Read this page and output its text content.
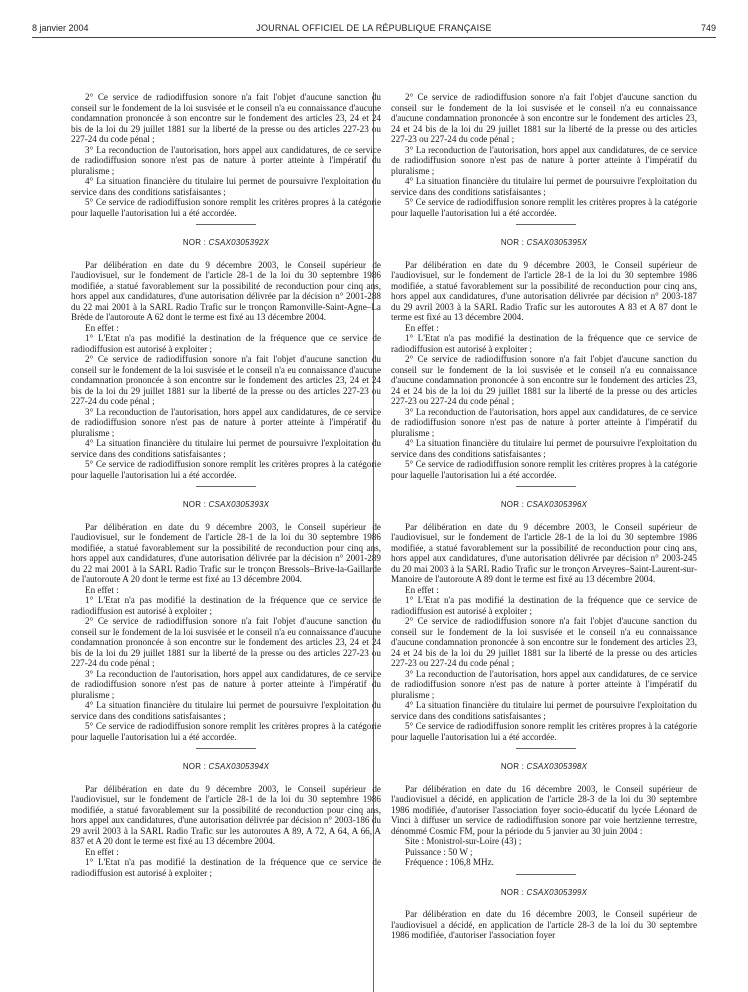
8 janvier 2004	JOURNAL OFFICIEL DE LA RÉPUBLIQUE FRANÇAISE	749

2° Ce service de radiodiffusion sonore n'a fait l'objet d'aucune sanction du conseil sur le fondement de la loi susvisée et le conseil n'a eu connaissance d'aucune condamnation prononcée à son encontre sur le fondement des articles 23, 24 et 24 bis de la loi du 29 juillet 1881 sur la liberté de la presse ou des articles 227-23 ou 227-24 du code pénal ;

3° La reconduction de l'autorisation, hors appel aux candidatures, de ce service de radiodiffusion sonore n'est pas de nature à porter atteinte à l'impératif du pluralisme ;

4° La situation financière du titulaire lui permet de poursuivre l'exploitation du service dans des conditions satisfaisantes ;

5° Ce service de radiodiffusion sonore remplit les critères propres à la catégorie pour laquelle l'autorisation lui a été accordée.

NOR : CSAX0305392X

Par délibération en date du 9 décembre 2003, le Conseil supérieur de l'audiovisuel, sur le fondement de l'article 28-1 de la loi du 30 septembre 1986 modifiée, a statué favorablement sur la possibilité de reconduction pour cinq ans, hors appel aux candidatures, d'une autorisation délivrée par la décision n° 2001-288 du 22 mai 2001 à la SARL Radio Trafic sur le tronçon Ramonville-Saint-Agne–La Brède de l'autoroute A 62 dont le terme est fixé au 13 décembre 2004.

En effet :

1° L'Etat n'a pas modifié la destination de la fréquence que ce service de radiodiffusion est autorisé à exploiter ;

2° Ce service de radiodiffusion sonore n'a fait l'objet d'aucune sanction du conseil sur le fondement de la loi susvisée et le conseil n'a eu connaissance d'aucune condamnation prononcée à son encontre sur le fondement des articles 23, 24 et 24 bis de la loi du 29 juillet 1881 sur la liberté de la presse ou des articles 227-23 ou 227-24 du code pénal ;

3° La reconduction de l'autorisation, hors appel aux candidatures, de ce service de radiodiffusion sonore n'est pas de nature à porter atteinte à l'impératif du pluralisme ;

4° La situation financière du titulaire lui permet de poursuivre l'exploitation du service dans des conditions satisfaisantes ;

5° Ce service de radiodiffusion sonore remplit les critères propres à la catégorie pour laquelle l'autorisation lui a été accordée.

NOR : CSAX0305393X

Par délibération en date du 9 décembre 2003, le Conseil supérieur de l'audiovisuel, sur le fondement de l'article 28-1 de la loi du 30 septembre 1986 modifiée, a statué favorablement sur la possibilité de reconduction pour cinq ans, hors appel aux candidatures, d'une autorisation délivrée par la décision n° 2001-289 du 22 mai 2001 à la SARL Radio Trafic sur le tronçon Bressols–Brive-la-Gaillarde de l'autoroute A 20 dont le terme est fixé au 13 décembre 2004.

En effet :

1° L'Etat n'a pas modifié la destination de la fréquence que ce service de radiodiffusion est autorisé à exploiter ;

2° Ce service de radiodiffusion sonore n'a fait l'objet d'aucune sanction du conseil sur le fondement de la loi susvisée et le conseil n'a eu connaissance d'aucune condamnation prononcée à son encontre sur le fondement des articles 23, 24 et 24 bis de la loi du 29 juillet 1881 sur la liberté de la presse ou des articles 227-23 ou 227-24 du code pénal ;

3° La reconduction de l'autorisation, hors appel aux candidatures, de ce service de radiodiffusion sonore n'est pas de nature à porter atteinte à l'impératif du pluralisme ;

4° La situation financière du titulaire lui permet de poursuivre l'exploitation du service dans des conditions satisfaisantes ;

5° Ce service de radiodiffusion sonore remplit les critères propres à la catégorie pour laquelle l'autorisation lui a été accordée.

NOR : CSAX0305394X

Par délibération en date du 9 décembre 2003, le Conseil supérieur de l'audiovisuel, sur le fondement de l'article 28-1 de la loi du 30 septembre 1986 modifiée, a statué favorablement sur la possibilité de reconduction pour cinq ans, hors appel aux candidatures, d'une autorisation délivrée par décision n° 2003-186 du 29 avril 2003 à la SARL Radio Trafic sur les autoroutes A 89, A 72, A 64, A 66, A 837 et A 20 dont le terme est fixé au 13 décembre 2004.

En effet :

1° L'Etat n'a pas modifié la destination de la fréquence que ce service de radiodiffusion est autorisé à exploiter ;

2° Ce service de radiodiffusion sonore n'a fait l'objet d'aucune sanction du conseil sur le fondement de la loi susvisée et le conseil n'a eu connaissance d'aucune condamnation prononcée à son encontre sur le fondement des articles 23, 24 et 24 bis de la loi du 29 juillet 1881 sur la liberté de la presse ou des articles 227-23 ou 227-24 du code pénal ;

3° La reconduction de l'autorisation, hors appel aux candidatures, de ce service de radiodiffusion sonore n'est pas de nature à porter atteinte à l'impératif du pluralisme ;

4° La situation financière du titulaire lui permet de poursuivre l'exploitation du service dans des conditions satisfaisantes ;

5° Ce service de radiodiffusion sonore remplit les critères propres à la catégorie pour laquelle l'autorisation lui a été accordée.

NOR : CSAX0305395X

Par délibération en date du 9 décembre 2003, le Conseil supérieur de l'audiovisuel, sur le fondement de l'article 28-1 de la loi du 30 septembre 1986 modifiée, a statué favorablement sur la possibilité de reconduction pour cinq ans, hors appel aux candidatures, d'une autorisation délivrée par décision n° 2003-187 du 29 avril 2003 à la SARL Radio Trafic sur les autoroutes A 83 et A 87 dont le terme est fixé au 13 décembre 2004.

En effet :

1° L'Etat n'a pas modifié la destination de la fréquence que ce service de radiodiffusion est autorisé à exploiter ;

2° Ce service de radiodiffusion sonore n'a fait l'objet d'aucune sanction du conseil sur le fondement de la loi susvisée et le conseil n'a eu connaissance d'aucune condamnation prononcée à son encontre sur le fondement des articles 23, 24 et 24 bis de la loi du 29 juillet 1881 sur la liberté de la presse ou des articles 227-23 ou 227-24 du code pénal ;

3° La reconduction de l'autorisation, hors appel aux candidatures, de ce service de radiodiffusion sonore n'est pas de nature à porter atteinte à l'impératif du pluralisme ;

4° La situation financière du titulaire lui permet de poursuivre l'exploitation du service dans des conditions satisfaisantes ;

5° Ce service de radiodiffusion sonore remplit les critères propres à la catégorie pour laquelle l'autorisation lui a été accordée.

NOR : CSAX0305396X

Par délibération en date du 9 décembre 2003, le Conseil supérieur de l'audiovisuel, sur le fondement de l'article 28-1 de la loi du 30 septembre 1986 modifiée, a statué favorablement sur la possibilité de reconduction pour cinq ans, hors appel aux candidatures, d'une autorisation délivrée par décision n° 2003-245 du 20 mai 2003 à la SARL Radio Trafic sur le tronçon Arveyres–Saint-Laurent-sur-Manoire de l'autoroute A 89 dont le terme est fixé au 13 décembre 2004.

En effet :

1° L'Etat n'a pas modifié la destination de la fréquence que ce service de radiodiffusion est autorisé à exploiter ;

2° Ce service de radiodiffusion sonore n'a fait l'objet d'aucune sanction du conseil sur le fondement de la loi susvisée et le conseil n'a eu connaissance d'aucune condamnation prononcée à son encontre sur le fondement des articles 23, 24 et 24 bis de la loi du 29 juillet 1881 sur la liberté de la presse ou des articles 227-23 ou 227-24 du code pénal ;

3° La reconduction de l'autorisation, hors appel aux candidatures, de ce service de radiodiffusion sonore n'est pas de nature à porter atteinte à l'impératif du pluralisme ;

4° La situation financière du titulaire lui permet de poursuivre l'exploitation du service dans des conditions satisfaisantes ;

5° Ce service de radiodiffusion sonore remplit les critères propres à la catégorie pour laquelle l'autorisation lui a été accordée.

NOR : CSAX0305398X

Par délibération en date du 16 décembre 2003, le Conseil supérieur de l'audiovisuel a décidé, en application de l'article 28-3 de la loi du 30 septembre 1986 modifiée, d'autoriser l'association foyer socio-éducatif du lycée Léonard de Vinci à diffuser un service de radiodiffusion sonore par voie hertzienne terrestre, dénommé Cosmic FM, pour la période du 5 janvier au 30 juin 2004 :

Site : Monistrol-sur-Loire (43) ;

Puissance : 50 W ;

Fréquence : 106,8 MHz.

NOR : CSAX0305399X

Par délibération en date du 16 décembre 2003, le Conseil supérieur de l'audiovisuel a décidé, en application de l'article 28-3 de la loi du 30 septembre 1986 modifiée, d'autoriser l'association foyer
